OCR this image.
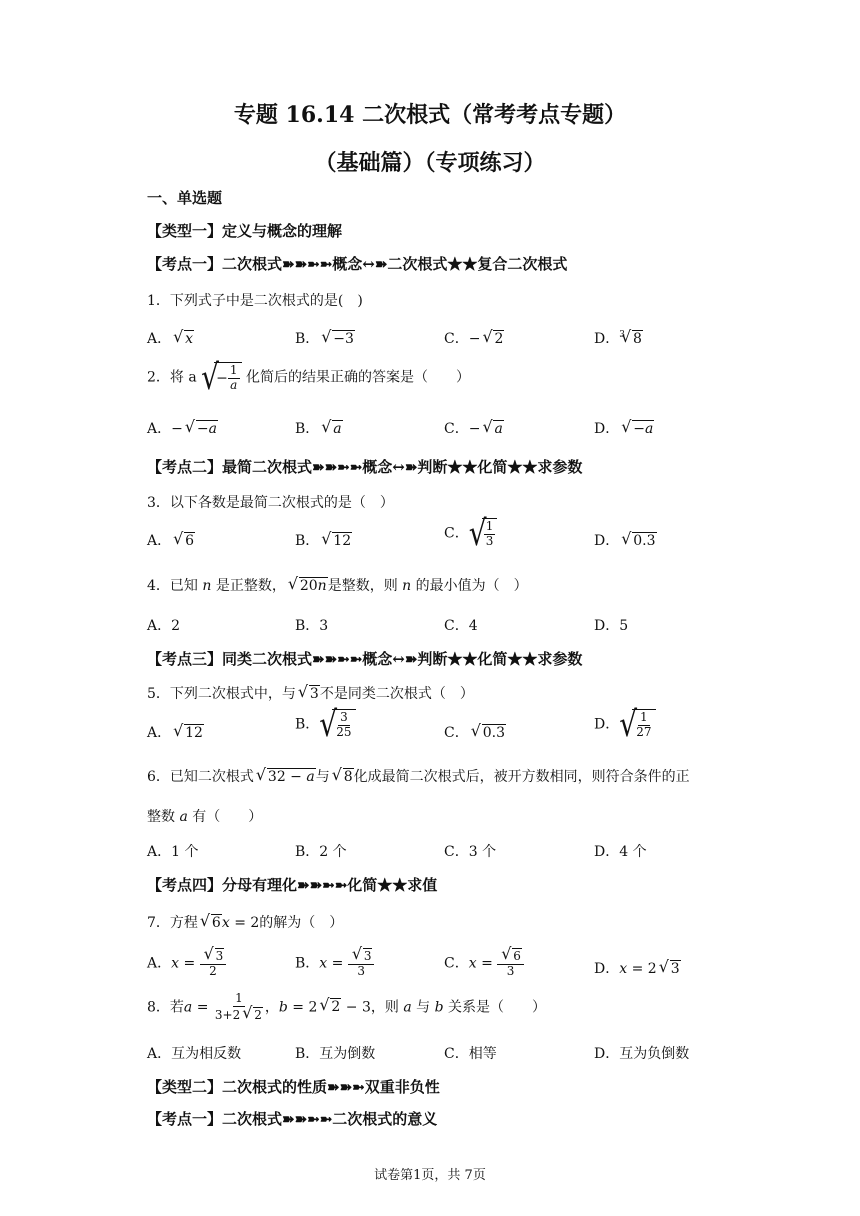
专题 16.14 二次根式（常考考点专题）
（基础篇）（专项练习）
一、单选题
【类型一】定义与概念的理解
【考点一】二次根式➽➽➼➼概念↔➽二次根式★★复合二次根式
1．下列式子中是二次根式的是(　)
A． √ x	B． √ −3	C．− √ 2	D．$^3$ √ 8
2．将 a √ − $\frac{1}{a}$ 化简后的结果正确的答案是（　　）
A．− √ −a	B． √ a	C．− √ a	D． √ −a
【考点二】最简二次根式➽➽➼➼概念↔➽判断★★化简★★求参数
3．以下各数是最简二次根式的是（　）
A． √ 6	B． √ 12	C． √ $\frac{1}{3}$	D． √ 0.3
4．已知 n 是正整数， √ 20n是整数，则 n 的最小值为（　）
A．2	B．3	C．4	D．5
【考点三】同类二次根式➽➽➼➼概念↔➽判断★★化简★★求参数
5．下列二次根式中，与 √ 3不是同类二次根式（　）
A． √ 12
B． √ $\frac{3}{25}$	C． √ 0.3
D． √ $\frac{1}{27}$
6．已知二次根式 √ 32 − a与 √ 8化成最简二次根式后，被开方数相同，则符合条件的正
整数 a 有（　　）
A．1 个	B．2 个	C．3 个	D．4 个
【考点四】分母有理化➽➽➼➼化简★★求值
7．方程 √ 6x = 2的解为（　）
A．x = √ $\frac{3}{2}$	B．x = √ $\frac{3}{3}$	C．x = √ $\frac{6}{3}$	D．x = 2 √ 3
8．若$a = \frac{1}{3+2 √ 2}$ ，b = 2 √ 2 − 3，则 a 与 b 关系是（　　）
A．互为相反数	B．互为倒数	C．相等	D．互为负倒数
【类型二】二次根式的性质➽➽➼双重非负性
【考点一】二次根式➽➽➼➼二次根式的意义
试卷第1页，共 7页
